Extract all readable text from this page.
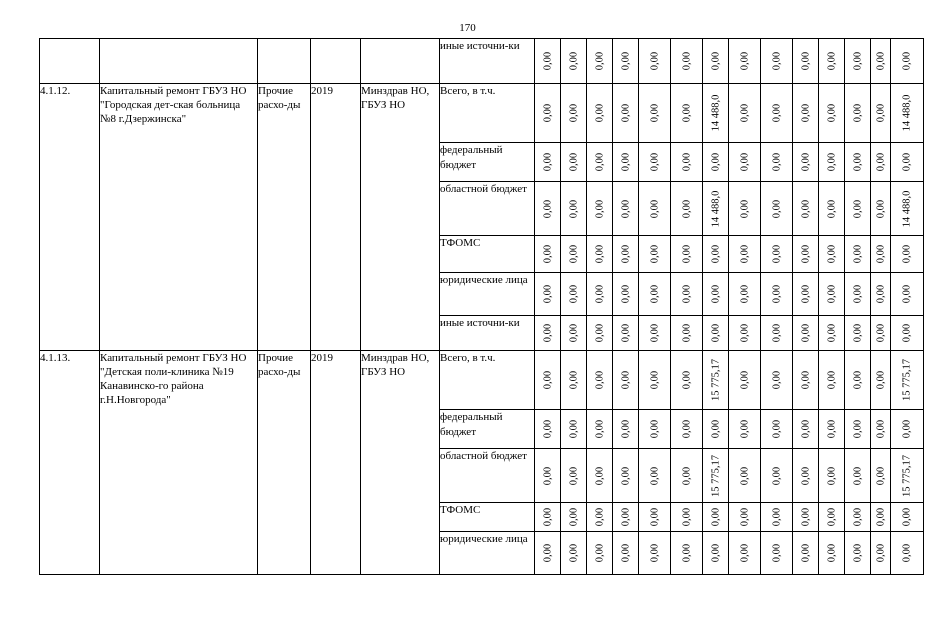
170
					иные источни-ки	0,00	0,00	0,00	0,00	0,00	0,00	0,00	0,00	0,00	0,00	0,00	0,00	0,00	0,00

4.1.12.	Капитальный ремонт ГБУЗ НО "Городская дет-ская больница №8 г.Дзержинска"	Прочие расхо-ды	2019	Минздрав НО, ГБУЗ НО	Всего, в т.ч.	0,00	0,00	0,00	0,00	0,00	0,00	14 488,0	0,00	0,00	0,00	0,00	0,00	0,00	14 488,0

					федеральный бюджет	0,00	0,00	0,00	0,00	0,00	0,00	0,00	0,00	0,00	0,00	0,00	0,00	0,00	0,00

					областной бюджет	0,00	0,00	0,00	0,00	0,00	0,00	14 488,0	0,00	0,00	0,00	0,00	0,00	0,00	14 488,0

					ТФОМС	0,00	0,00	0,00	0,00	0,00	0,00	0,00	0,00	0,00	0,00	0,00	0,00	0,00	0,00

					юридические лица	0,00	0,00	0,00	0,00	0,00	0,00	0,00	0,00	0,00	0,00	0,00	0,00	0,00	0,00

					иные источни-ки	0,00	0,00	0,00	0,00	0,00	0,00	0,00	0,00	0,00	0,00	0,00	0,00	0,00	0,00

4.1.13.	Капитальный ремонт ГБУЗ НО "Детская поли-клиника №19 Канавинско-го района г.Н.Новгорода"	Прочие расхо-ды	2019	Минздрав НО, ГБУЗ НО	Всего, в т.ч.	0,00	0,00	0,00	0,00	0,00	0,00	15 775,17	0,00	0,00	0,00	0,00	0,00	0,00	15 775,17

					федеральный бюджет	0,00	0,00	0,00	0,00	0,00	0,00	0,00	0,00	0,00	0,00	0,00	0,00	0,00	0,00

					областной бюджет	0,00	0,00	0,00	0,00	0,00	0,00	15 775,17	0,00	0,00	0,00	0,00	0,00	0,00	15 775,17

					ТФОМС	0,00	0,00	0,00	0,00	0,00	0,00	0,00	0,00	0,00	0,00	0,00	0,00	0,00	0,00

					юридические лица	0,00	0,00	0,00	0,00	0,00	0,00	0,00	0,00	0,00	0,00	0,00	0,00	0,00	0,00
